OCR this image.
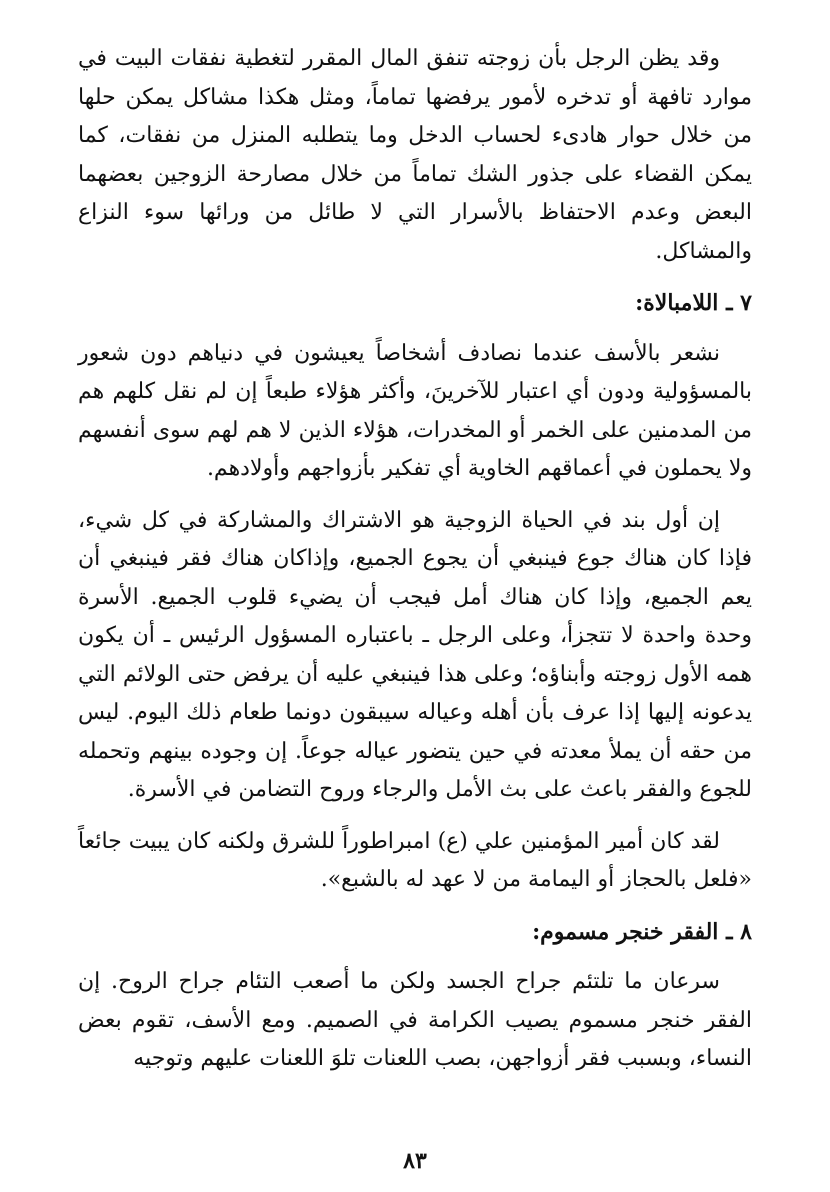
وقد يظن الرجل بأن زوجته تنفق المال المقرر لتغطية نفقات البيت في موارد تافهة أو تدخره لأمور يرفضها تماماً، ومثل هكذا مشاكل يمكن حلها من خلال حوار هادىء لحساب الدخل وما يتطلبه المنزل من نفقات، كما يمكن القضاء على جذور الشك تماماً من خلال مصارحة الزوجين بعضهما البعض وعدم الاحتفاظ بالأسرار التي لا طائل من ورائها سوء النزاع والمشاكل.

٧ ـ اللامبالاة:

نشعر بالأسف عندما نصادف أشخاصاً يعيشون في دنياهم دون شعور بالمسؤولية ودون أي اعتبار للآخرينَ، وأكثر هؤلاء طبعاً إن لم نقل كلهم هم من المدمنين على الخمر أو المخدرات، هؤلاء الذين لا هم لهم سوى أنفسهم ولا يحملون في أعماقهم الخاوية أي تفكير بأزواجهم وأولادهم.

إن أول بند في الحياة الزوجية هو الاشتراك والمشاركة في كل شيء، فإذا كان هناك جوع فينبغي أن يجوع الجميع، وإذاكان هناك فقر فينبغي أن يعم الجميع، وإذا كان هناك أمل فيجب أن يضيء قلوب الجميع. الأسرة وحدة واحدة لا تتجزأ، وعلى الرجل ـ باعتباره المسؤول الرئيس ـ أن يكون همه الأول زوجته وأبناؤه؛ وعلى هذا فينبغي عليه أن يرفض حتى الولائم التي يدعونه إليها إذا عرف بأن أهله وعياله سيبقون دونما طعام ذلك اليوم. ليس من حقه أن يملأ معدته في حين يتضور عياله جوعاً. إن وجوده بينهم وتحمله للجوع والفقر باعث على بث الأمل والرجاء وروح التضامن في الأسرة.

لقد كان أمير المؤمنين علي (ع) امبراطوراً للشرق ولكنه كان يبيت جائعاً «فلعل بالحجاز أو اليمامة من لا عهد له بالشبع».

٨ ـ الفقر خنجر مسموم:

سرعان ما تلتئم جراح الجسد ولكن ما أصعب التئام جراح الروح. إن الفقر خنجر مسموم يصيب الكرامة في الصميم. ومع الأسف، تقوم بعض النساء، وبسبب فقر أزواجهن، بصب اللعنات تلوَ اللعنات عليهم وتوجيه

٨٣
